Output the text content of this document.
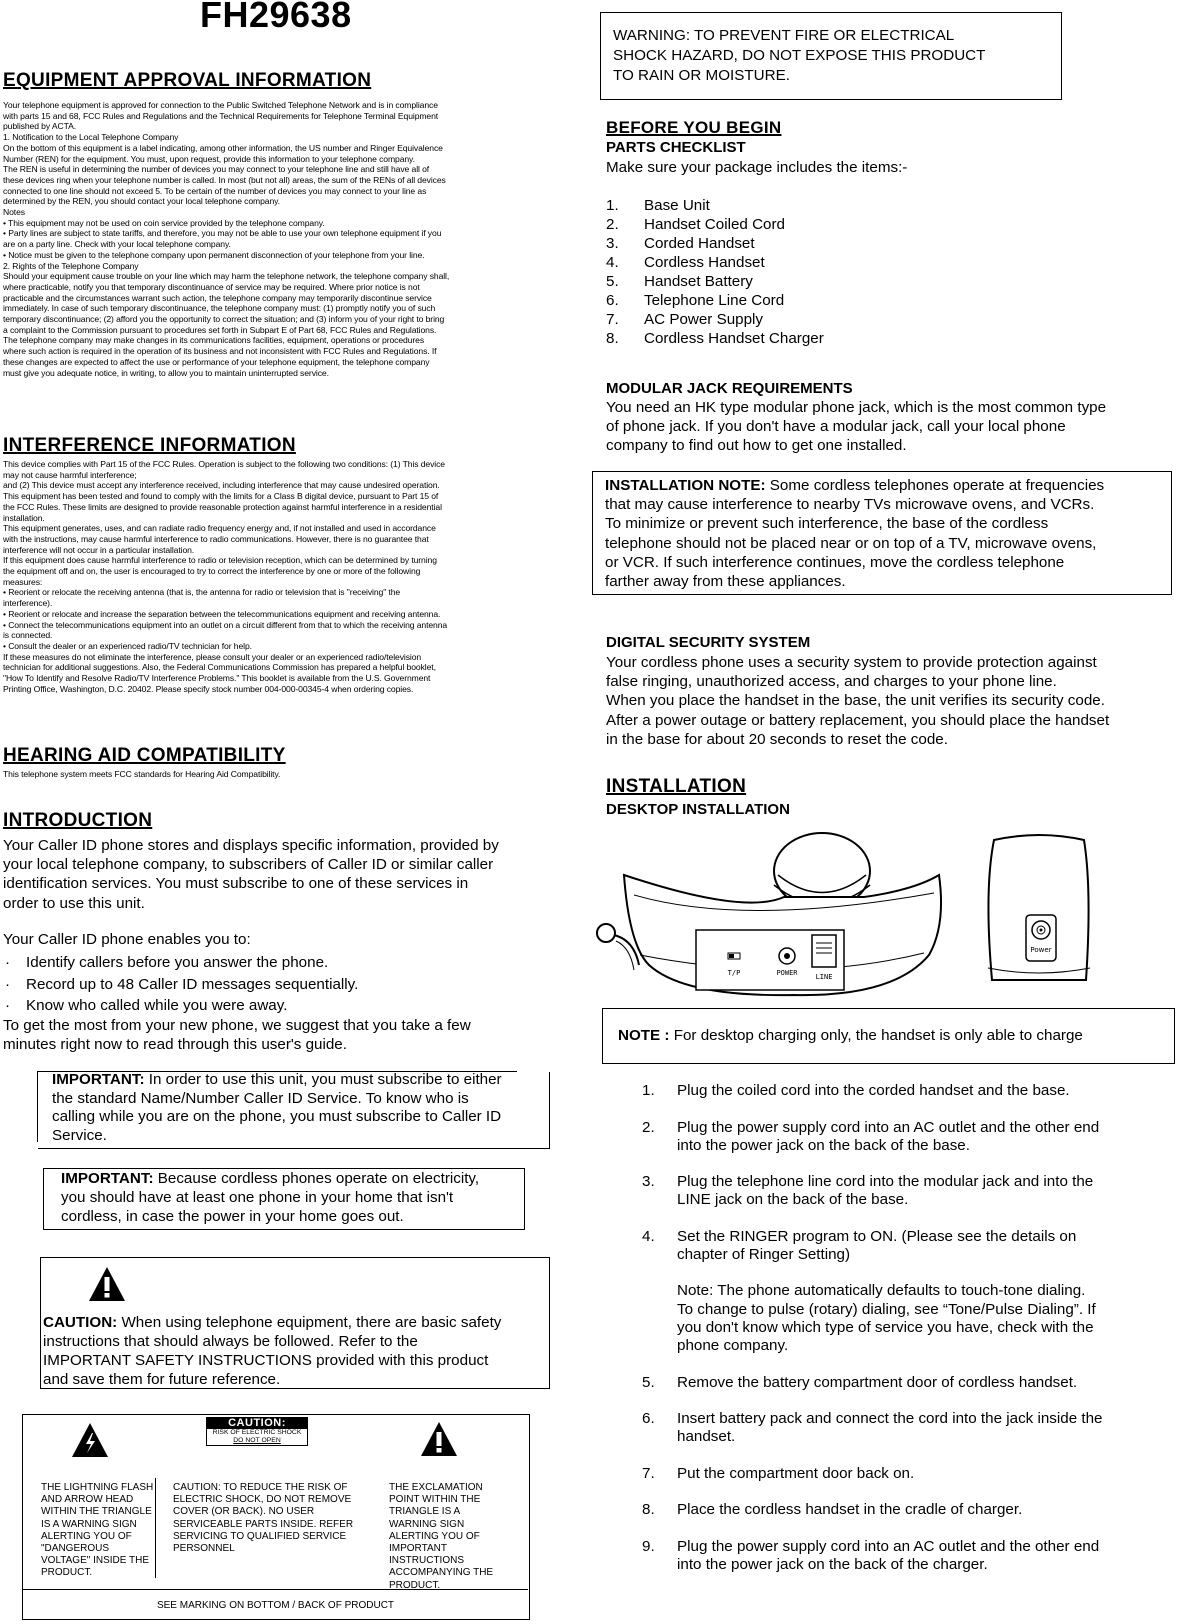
FH29638
EQUIPMENT APPROVAL INFORMATION
Your telephone equipment is approved for connection to the Public Switched Telephone Network and is in compliance
with parts 15 and 68, FCC Rules and Regulations and the Technical Requirements for Telephone Terminal Equipment
published by ACTA.
1. Notification to the Local Telephone Company
On the bottom of this equipment is a label indicating, among other information, the US number and Ringer Equivalence
Number (REN) for the equipment. You must, upon request, provide this information to your telephone company.
The REN is useful in determining the number of devices you may connect to your telephone line and still have all of
these devices ring when your telephone number is called. In most (but not all) areas, the sum of the RENs of all devices
connected to one line should not exceed 5. To be certain of the number of devices you may connect to your line as
determined by the REN, you should contact your local telephone company.
Notes
• This equipment may not be used on coin service provided by the telephone company.
• Party lines are subject to state tariffs, and therefore, you may not be able to use your own telephone equipment if you
are on a party line. Check with your local telephone company.
• Notice must be given to the telephone company upon permanent disconnection of your telephone from your line.
2. Rights of the Telephone Company
Should your equipment cause trouble on your line which may harm the telephone network, the telephone company shall,
where practicable, notify you that temporary discontinuance of service may be required. Where prior notice is not
practicable and the circumstances warrant such action, the telephone company may temporarily discontinue service
immediately. In case of such temporary discontinuance, the telephone company must: (1) promptly notify you of such
temporary discontinuance; (2) afford you the opportunity to correct the situation; and (3) inform you of your right to bring
a complaint to the Commission pursuant to procedures set forth in Subpart E of Part 68, FCC Rules and Regulations.
The telephone company may make changes in its communications facilities, equipment, operations or procedures
where such action is required in the operation of its business and not inconsistent with FCC Rules and Regulations. If
these changes are expected to affect the use or performance of your telephone equipment, the telephone company
must give you adequate notice, in writing, to allow you to maintain uninterrupted service.
INTERFERENCE INFORMATION
This device complies with Part 15 of the FCC Rules. Operation is subject to the following two conditions: (1) This device
may not cause harmful interference;
and (2) This device must accept any interference received, including interference that may cause undesired operation.
This equipment has been tested and found to comply with the limits for a Class B digital device, pursuant to Part 15 of
the FCC Rules. These limits are designed to provide reasonable protection against harmful interference in a residential
installation.
This equipment generates, uses, and can radiate radio frequency energy and, if not installed and used in accordance
with the instructions, may cause harmful interference to radio communications. However, there is no guarantee that
interference will not occur in a particular installation.
If this equipment does cause harmful interference to radio or television reception, which can be determined by turning
the equipment off and on, the user is encouraged to try to correct the interference by one or more of the following
measures:
• Reorient or relocate the receiving antenna (that is, the antenna for radio or television that is "receiving" the
interference).
• Reorient or relocate and increase the separation between the telecommunications equipment and receiving antenna.
• Connect the telecommunications equipment into an outlet on a circuit different from that to which the receiving antenna
is connected.
• Consult the dealer or an experienced radio/TV technician for help.
If these measures do not eliminate the interference, please consult your dealer or an experienced radio/television
technician for additional suggestions. Also, the Federal Communications Commission has prepared a helpful booklet,
"How To Identify and Resolve Radio/TV Interference Problems." This booklet is available from the U.S. Government
Printing Office, Washington, D.C. 20402. Please specify stock number 004-000-00345-4 when ordering copies.
HEARING AID COMPATIBILITY
This telephone system meets FCC standards for Hearing Aid Compatibility.
INTRODUCTION
Your Caller ID phone stores and displays specific information, provided by
your local telephone company, to subscribers of Caller ID or similar caller
identification services. You must subscribe to one of these services in
order to use this unit.
Your Caller ID phone enables you to:
· Identify callers before you answer the phone.
· Record up to 48 Caller ID messages sequentially.
· Know who called while you were away.
To get the most from your new phone, we suggest that you take a few
minutes right now to read through this user's guide.
IMPORTANT: In order to use this unit, you must subscribe to either
the standard Name/Number Caller ID Service. To know who is
calling while you are on the phone, you must subscribe to Caller ID
Service.
IMPORTANT: Because cordless phones operate on electricity,
you should have at least one phone in your home that isn't
cordless, in case the power in your home goes out.
CAUTION: When using telephone equipment, there are basic safety
instructions that should always be followed. Refer to the
IMPORTANT SAFETY INSTRUCTIONS provided with this product
and save them for future reference.
CAUTION:
RISK OF ELECTRIC SHOCK
DO NOT OPEN
THE LIGHTNING FLASH
AND ARROW HEAD
WITHIN THE TRIANGLE
IS A WARNING SIGN
ALERTING YOU OF
"DANGEROUS
VOLTAGE" INSIDE THE
PRODUCT.
CAUTION: TO REDUCE THE RISK OF
ELECTRIC SHOCK, DO NOT REMOVE
COVER (OR BACK). NO USER
SERVICEABLE PARTS INSIDE. REFER
SERVICING TO QUALIFIED SERVICE
PERSONNEL
THE EXCLAMATION
POINT WITHIN THE
TRIANGLE IS A
WARNING SIGN
ALERTING YOU OF
IMPORTANT
INSTRUCTIONS
ACCOMPANYING THE
PRODUCT.
SEE MARKING ON BOTTOM / BACK OF PRODUCT
WARNING: TO PREVENT FIRE OR ELECTRICAL
SHOCK HAZARD, DO NOT EXPOSE THIS PRODUCT
TO RAIN OR MOISTURE.
BEFORE YOU BEGIN
PARTS CHECKLIST
Make sure your package includes the items:-
1. Base Unit
2. Handset Coiled Cord
3. Corded Handset
4. Cordless Handset
5. Handset Battery
6. Telephone Line Cord
7. AC Power Supply
8. Cordless Handset Charger
MODULAR JACK REQUIREMENTS
You need an HK type modular phone jack, which is the most common type
of phone jack. If you don't have a modular jack, call your local phone
company to find out how to get one installed.
INSTALLATION NOTE: Some cordless telephones operate at frequencies
that may cause interference to nearby TVs microwave ovens, and VCRs.
To minimize or prevent such interference, the base of the cordless
telephone should not be placed near or on top of a TV, microwave ovens,
or VCR. If such interference continues, move the cordless telephone
farther away from these appliances.
DIGITAL SECURITY SYSTEM
Your cordless phone uses a security system to provide protection against
false ringing, unauthorized access, and charges to your phone line.
When you place the handset in the base, the unit verifies its security code.
After a power outage or battery replacement, you should place the handset
in the base for about 20 seconds to reset the code.
INSTALLATION
DESKTOP INSTALLATION
T/P	POWER	LINE
Power
NOTE : For desktop charging only, the handset is only able to charge
1. Plug the coiled cord into the corded handset and the base.
2. Plug the power supply cord into an AC outlet and the other end
into the power jack on the back of the base.
3. Plug the telephone line cord into the modular jack and into the
LINE jack on the back of the base.
4. Set the RINGER program to ON. (Please see the details on
chapter of Ringer Setting)
Note: The phone automatically defaults to touch-tone dialing.
To change to pulse (rotary) dialing, see “Tone/Pulse Dialing”. If
you don't know which type of service you have, check with the
phone company.
5. Remove the battery compartment door of cordless handset.
6. Insert battery pack and connect the cord into the jack inside the
handset.
7. Put the compartment door back on.
8. Place the cordless handset in the cradle of charger.
9. Plug the power supply cord into an AC outlet and the other end
into the power jack on the back of the charger.
